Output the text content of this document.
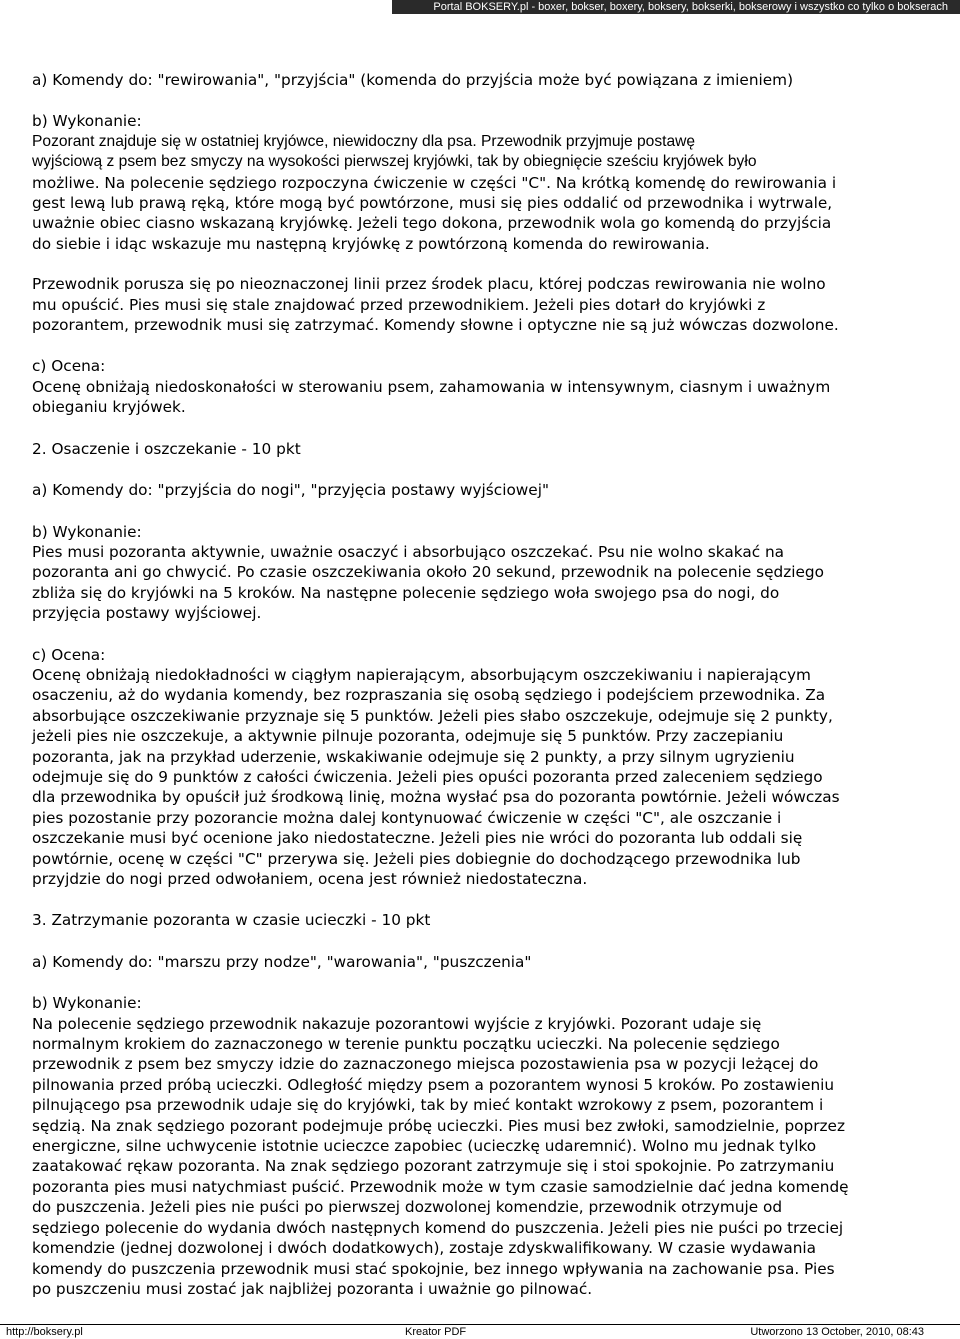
Portal BOKSERY.pl - boxer, bokser, boxery, boksery, bokserki, bokserowy i wszystko co tylko o bokserach
a) Komendy do: "rewirowania", "przyjścia" (komenda do przyjścia może być powiązana z imieniem)
b) Wykonanie:
Pozorant znajduje się w ostatniej kryjówce, niewidoczny dla psa. Przewodnik przyjmuje postawę
wyjściową z psem bez smyczy na wysokości pierwszej kryjówki, tak by obiegnięcie sześciu kryjówek było
możliwe. Na polecenie sędziego rozpoczyna ćwiczenie w części "C". Na krótką komendę do rewirowania i
gest lewą lub prawą ręką, które mogą być powtórzone, musi się pies oddalić od przewodnika i wytrwale,
uważnie obiec ciasno wskazaną kryjówkę. Jeżeli tego dokona, przewodnik wola go komendą do przyjścia
do siebie i idąc wskazuje mu następną kryjówkę z powtórzoną komenda do rewirowania.
Przewodnik porusza się po nieoznaczonej linii przez środek placu, której podczas rewirowania nie wolno
mu opuścić. Pies musi się stale znajdować przed przewodnikiem. Jeżeli pies dotarł do kryjówki z
pozorantem, przewodnik musi się zatrzymać. Komendy słowne i optyczne nie są już wówczas dozwolone.
c) Ocena:
Ocenę obniżają niedoskonałości w sterowaniu psem, zahamowania w intensywnym, ciasnym i uważnym
obieganiu kryjówek.
2. Osaczenie i oszczekanie - 10 pkt
a) Komendy do: "przyjścia do nogi", "przyjęcia postawy wyjściowej"
b) Wykonanie:
Pies musi pozoranta aktywnie, uważnie osaczyć i absorbująco oszczekać. Psu nie wolno skakać na
pozoranta ani go chwycić. Po czasie oszczekiwania około 20 sekund, przewodnik na polecenie sędziego
zbliża się do kryjówki na 5 kroków. Na następne polecenie sędziego woła swojego psa do nogi, do
przyjęcia postawy wyjściowej.
c) Ocena:
Ocenę obniżają niedokładności w ciągłym napierającym, absorbującym oszczekiwaniu i napierającym
osaczeniu, aż do wydania komendy, bez rozpraszania się osobą sędziego i podejściem przewodnika. Za
absorbujące oszczekiwanie przyznaje się 5 punktów. Jeżeli pies słabo oszczekuje, odejmuje się 2 punkty,
jeżeli pies nie oszczekuje, a aktywnie pilnuje pozoranta, odejmuje się 5 punktów. Przy zaczepianiu
pozoranta, jak na przykład uderzenie, wskakiwanie odejmuje się 2 punkty, a przy silnym ugryzieniu
odejmuje się do 9 punktów z całości ćwiczenia. Jeżeli pies opuści pozoranta przed zaleceniem sędziego
dla przewodnika by opuścił już środkową linię, można wysłać psa do pozoranta powtórnie. Jeżeli wówczas
pies pozostanie przy pozorancie można dalej kontynuować ćwiczenie w części "C", ale oszczanie i
oszczekanie musi być ocenione jako niedostateczne. Jeżeli pies nie wróci do pozoranta lub oddali się
powtórnie, ocenę w części "C" przerywa się. Jeżeli pies dobiegnie do dochodzącego przewodnika lub
przyjdzie do nogi przed odwołaniem, ocena jest również niedostateczna.
3. Zatrzymanie pozoranta w czasie ucieczki - 10 pkt
a) Komendy do: "marszu przy nodze", "warowania", "puszczenia"
b) Wykonanie:
Na polecenie sędziego przewodnik nakazuje pozorantowi wyjście z kryjówki. Pozorant udaje się
normalnym krokiem do zaznaczonego w terenie punktu początku ucieczki. Na polecenie sędziego
przewodnik z psem bez smyczy idzie do zaznaczonego miejsca pozostawienia psa w pozycji leżącej do
pilnowania przed próbą ucieczki. Odległość między psem a pozorantem wynosi 5 kroków. Po zostawieniu
pilnującego psa przewodnik udaje się do kryjówki, tak by mieć kontakt wzrokowy z psem, pozorantem i
sędzią. Na znak sędziego pozorant podejmuje próbę ucieczki. Pies musi bez zwłoki, samodzielnie, poprzez
energiczne, silne uchwycenie istotnie ucieczce zapobiec (ucieczkę udaremnić). Wolno mu jednak tylko
zaatakować rękaw pozoranta. Na znak sędziego pozorant zatrzymuje się i stoi spokojnie. Po zatrzymaniu
pozoranta pies musi natychmiast puścić. Przewodnik może w tym czasie samodzielnie dać jedna komendę
do puszczenia. Jeżeli pies nie puści po pierwszej dozwolonej komendzie, przewodnik otrzymuje od
sędziego polecenie do wydania dwóch następnych komend do puszczenia. Jeżeli pies nie puści po trzeciej
komendzie (jednej dozwolonej i dwóch dodatkowych), zostaje zdyskwalifikowany. W czasie wydawania
komendy do puszczenia przewodnik musi stać spokojnie, bez innego wpływania na zachowanie psa. Pies
po puszczeniu musi zostać jak najbliżej pozoranta i uważnie go pilnować.
http://boksery.pl	Kreator PDF	Utworzono 13 October, 2010, 08:43
